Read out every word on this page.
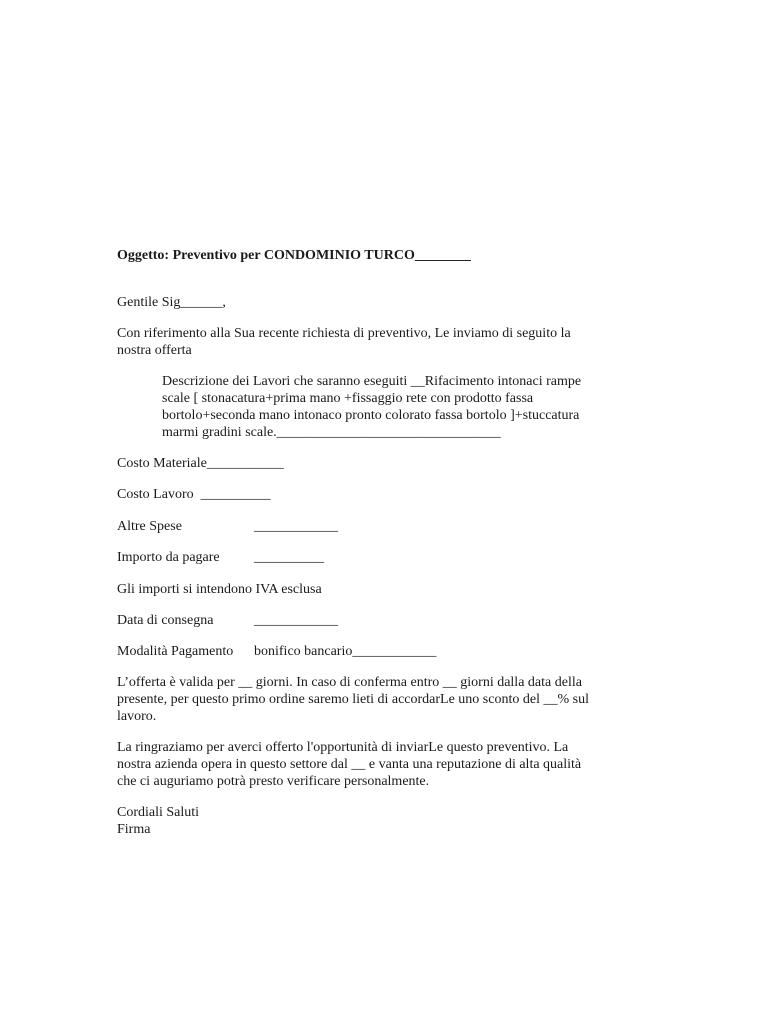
Oggetto: Preventivo per CONDOMINIO TURCO________
Gentile Sig______,
Con riferimento alla Sua recente richiesta di preventivo, Le inviamo di seguito la
nostra offerta
Descrizione dei Lavori che saranno eseguiti __Rifacimento intonaci rampe
scale [ stonacatura+prima mano +fissaggio rete con prodotto fassa
bortolo+seconda mano intonaco pronto colorato fassa bortolo ]+stuccatura
marmi gradini scale.________________________________
Costo Materiale___________
Costo Lavoro  __________
Altre Spese	____________
Importo da pagare __________
Gli importi si intendono IVA esclusa
Data di consegna	____________
Modalità Pagamento bonifico bancario____________
L’offerta è valida per __ giorni. In caso di conferma entro __ giorni dalla data della
presente, per questo primo ordine saremo lieti di accordarLe uno sconto del __% sul
lavoro.
La ringraziamo per averci offerto l'opportunità di inviarLe questo preventivo. La
nostra azienda opera in questo settore dal __ e vanta una reputazione di alta qualità
che ci auguriamo potrà presto verificare personalmente.
Cordiali Saluti
Firma
